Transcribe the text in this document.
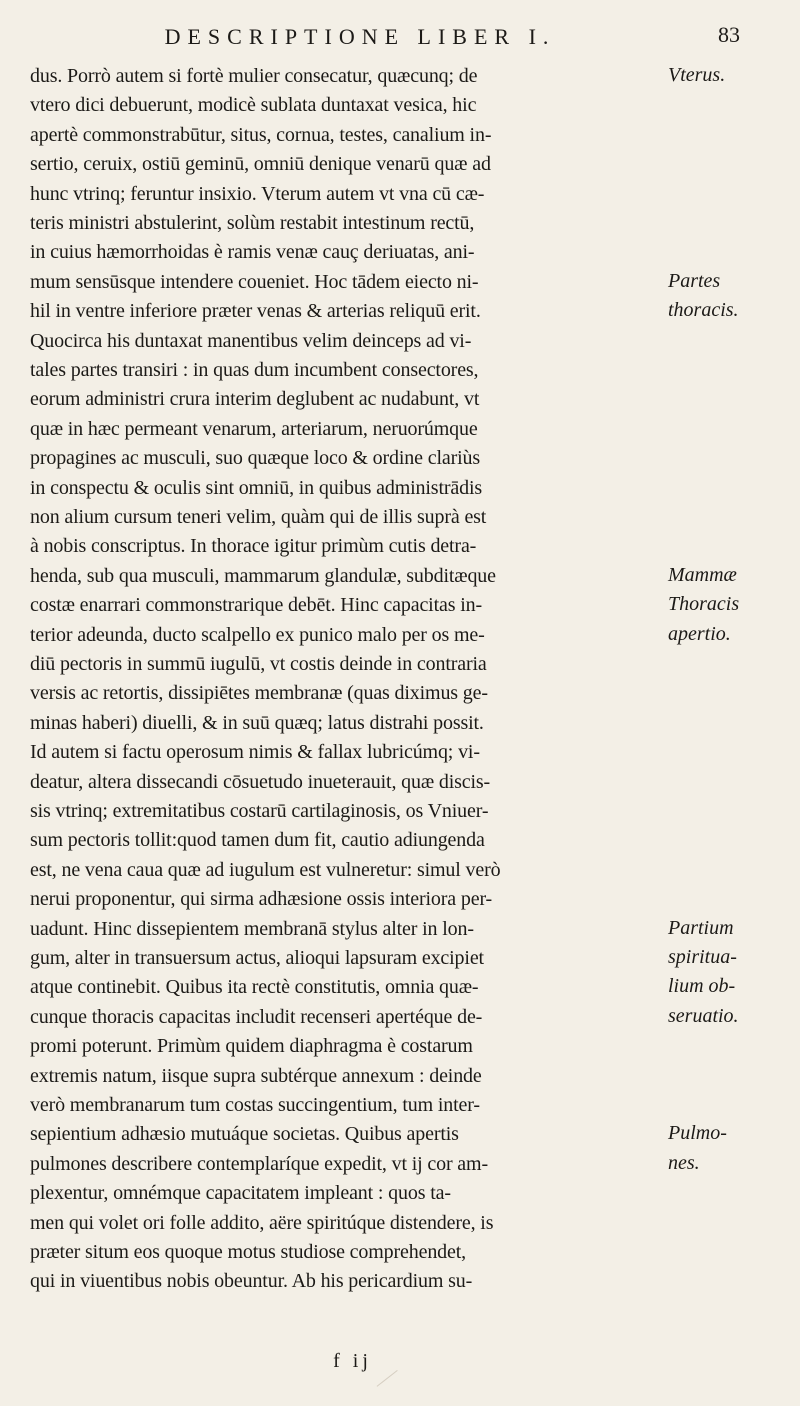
DESCRIPTIONE LIBER I.	83
f ij
dus. Porrò autem si fortè mulier consecatur, quæcunq; de
vtero dici debuerunt, modicè sublata duntaxat vesica, hic
apertè commonstrabūtur, situs, cornua, testes, canalium in-
sertio, ceruix, ostiū geminū, omniū denique venarū quæ ad
hunc vtrinq; feruntur insixio. Vterum autem vt vna cū cæ-
teris ministri abstulerint, solùm restabit intestinum rectū,
in cuius hæmorrhoidas è ramis venæ cauç deriuatas, ani-
mum sensūsque intendere coueniet. Hoc tādem eiecto ni-
hil in ventre inferiore præter venas & arterias reliquū erit.
Quocirca his duntaxat manentibus velim deinceps ad vi-
tales partes transiri : in quas dum incumbent consectores,
eorum administri crura interim deglubent ac nudabunt, vt
quæ in hæc permeant venarum, arteriarum, neruorúmque
propagines ac musculi, suo quæque loco & ordine clariùs
in conspectu & oculis sint omniū, in quibus administrādis
non alium cursum teneri velim, quàm qui de illis suprà est
à nobis conscriptus. In thorace igitur primùm cutis detra-
henda, sub qua musculi, mammarum glandulæ, subditæque
costæ enarrari commonstrarique debēt. Hinc capacitas in-
terior adeunda, ducto scalpello ex punico malo per os me-
diū pectoris in summū iugulū, vt costis deinde in contraria
versis ac retortis, dissipiētes membranæ (quas diximus ge-
minas haberi) diuelli, & in suū quæq; latus distrahi possit.
Id autem si factu operosum nimis & fallax lubricúmq; vi-
deatur, altera dissecandi cōsuetudo inueterauit, quæ discis-
sis vtrinq; extremitatibus costarū cartilaginosis, os Vniuer-
sum pectoris tollit:quod tamen dum fit, cautio adiungenda
est, ne vena caua quæ ad iugulum est vulneretur: simul verò
nerui proponentur, qui sirma adhæsione ossis interiora per-
uadunt. Hinc dissepientem membranā stylus alter in lon-
gum, alter in transuersum actus, alioqui lapsuram excipiet
atque continebit. Quibus ita rectè constitutis, omnia quæ-
cunque thoracis capacitas includit recenseri apertéque de-
promi poterunt. Primùm quidem diaphragma è costarum
extremis natum, iisque supra subtérque annexum : deinde
verò membranarum tum costas succingentium, tum inter-
sepientium adhæsio mutuáque societas. Quibus apertis
pulmones describere contemplaríque expedit, vt ij cor am-
plexentur, omnémque capacitatem impleant : quos ta-
men qui volet ori folle addito, aëre spiritúque distendere, is
præter situm eos quoque motus studiose comprehendet,
qui in viuentibus nobis obeuntur. Ab his pericardium su-
Vterus.
Partes
thoracis.
Mammæ
Thoracis
apertio.
Partium
spiritua-
lium ob-
seruatio.
Pulmo-
nes.
